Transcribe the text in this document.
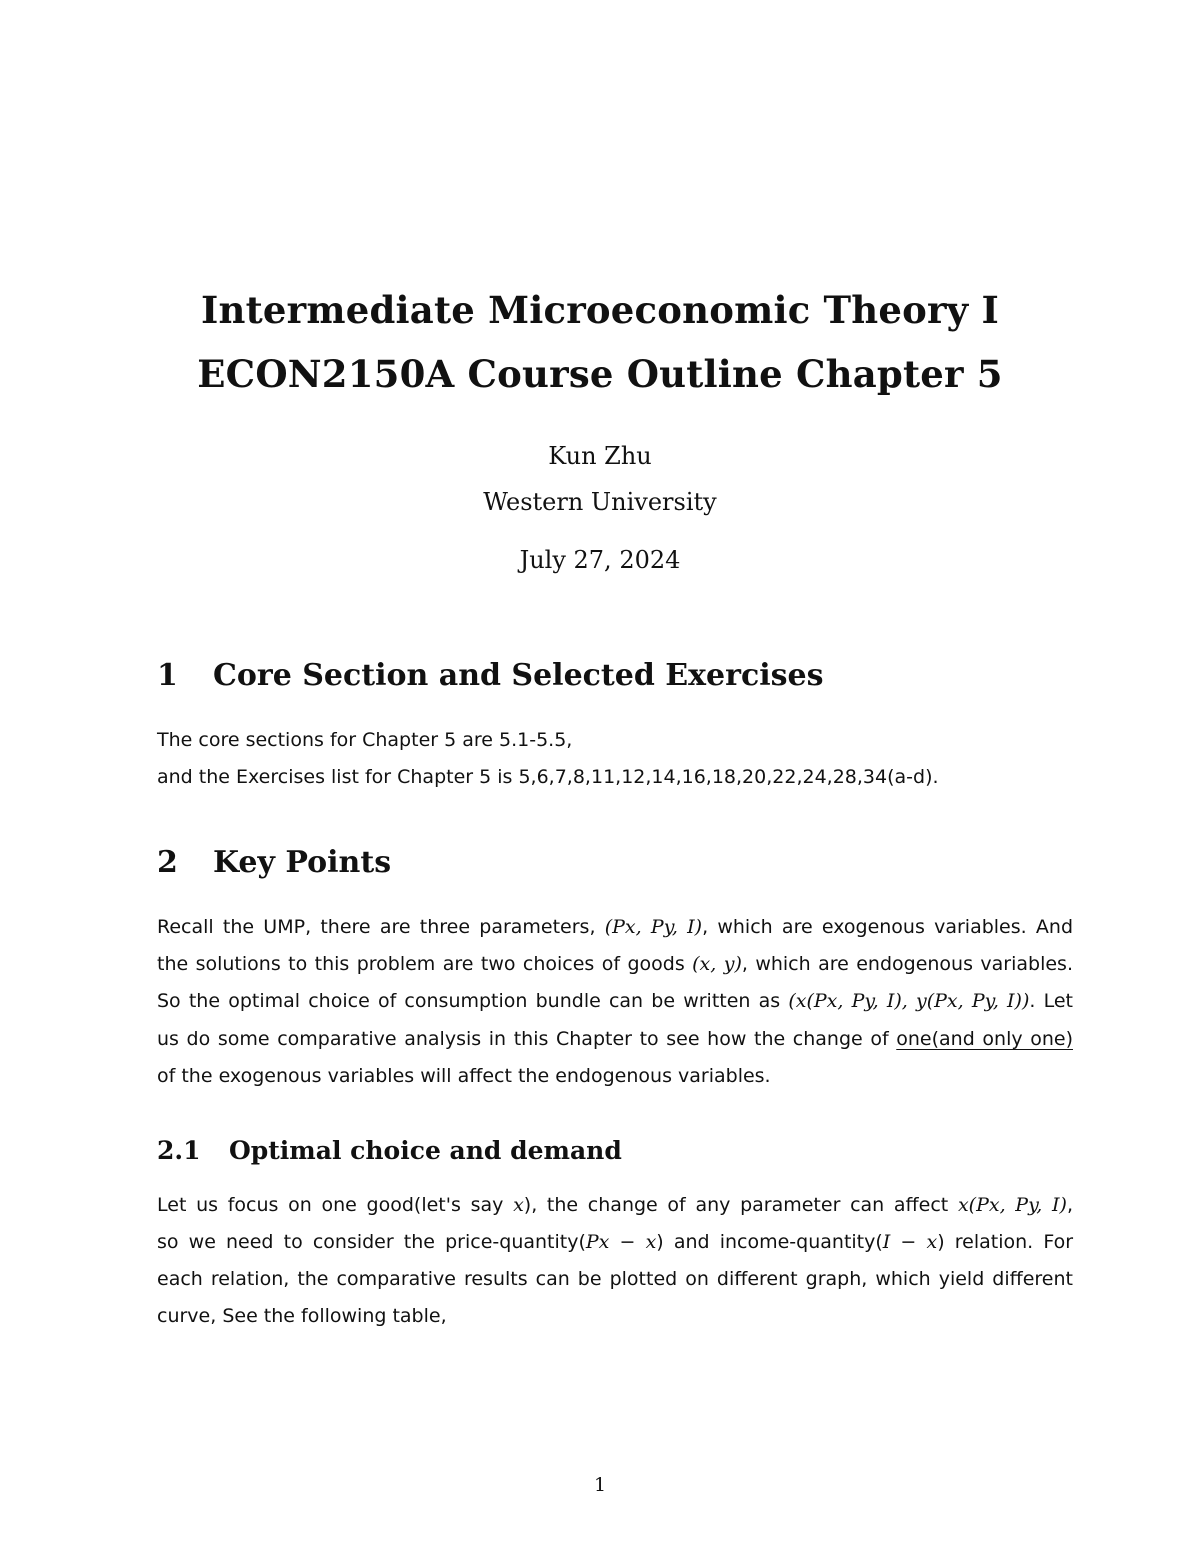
Intermediate Microeconomic Theory I
ECON2150A Course Outline Chapter 5
Kun Zhu
Western University
July 27, 2024
1 Core Section and Selected Exercises
The core sections for Chapter 5 are 5.1-5.5,
and the Exercises list for Chapter 5 is 5,6,7,8,11,12,14,16,18,20,22,24,28,34(a-d).
2 Key Points
Recall the UMP, there are three parameters, (Px, Py, I), which are exogenous variables. And
the solutions to this problem are two choices of goods (x, y), which are endogenous variables.
So the optimal choice of consumption bundle can be written as (x(Px, Py, I), y(Px, Py, I)). Let
us do some comparative analysis in this Chapter to see how the change of one(and only one)
of the exogenous variables will affect the endogenous variables.
2.1 Optimal choice and demand
Let us focus on one good(let's say x), the change of any parameter can affect x(Px, Py, I),
so we need to consider the price-quantity(Px − x) and income-quantity(I − x) relation. For
each relation, the comparative results can be plotted on different graph, which yield different
curve, See the following table,
1
